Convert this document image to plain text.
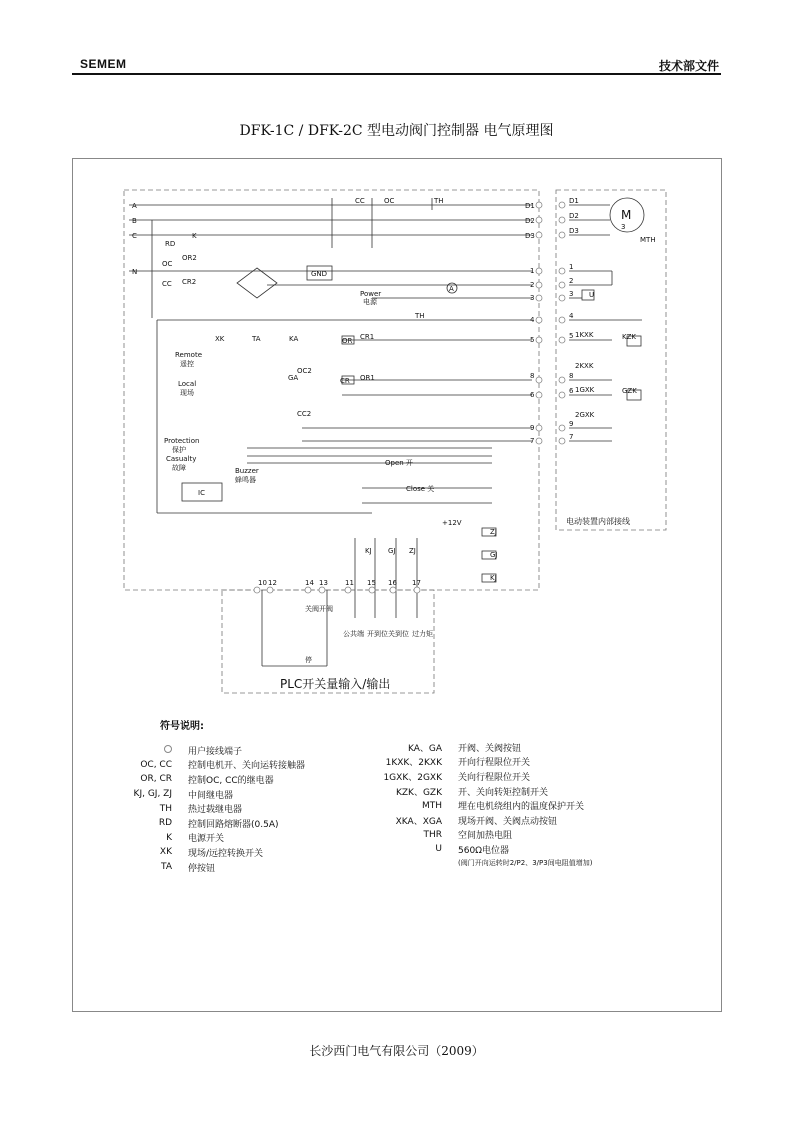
SEMEM	技术部文件
DFK-1C / DFK-2C 型电动阀门控制器 电气原理图
A
B
C
N
D1
D2
D3
1
2
3
4
5
8
6
9
7
D1
D2
D3
1
2
3
4
5
8
6
9
7
10 12	14 13 11 15 16 17
CC	OC	TH
RD
K
OR2
OC
CC CR2
GND
Power
电源
A
TH
U
XK	TA	KA	OR CR1
CR OR1
GA
OC2
CC2
Remote
遥控
Local
现场
Protection
保护
Casualty
故障	Buzzer
蜂鸣器
IC
Open 开
Close 关
+12V
ZJ
GJ
KJ
KJ GJ ZJ
M
3
MTH
1KXK
2KXK
1GXK
2GXK
KZK
GZK
电动装置内部接线
关阀 开阀
停
公共端 开到位 关到位 过力矩
PLC开关量输入/输出
符号说明:
用户接线端子
OC, CC	控制电机开、关向运转接触器
OR, CR	控制OC, CC的继电器
KJ, GJ, ZJ	中间继电器
TH	热过载继电器
RD	控制回路熔断器(0.5A)
K	电源开关
XK	现场/远控转换开关
TA	停按钮
KA、GA	开阀、关阀按钮
1KXK、2KXK	开向行程限位开关
1GXK、2GXK	关向行程限位开关
KZK、GZK	开、关向转矩控制开关
MTH	埋在电机绕组内的温度保护开关
XKA、XGA	现场开阀、关阀点动按钮
THR	空间加热电阻
U	560Ω电位器
(阀门开向运转时2/P2、3/P3间电阻值增加)
长沙西门电气有限公司（2009）
